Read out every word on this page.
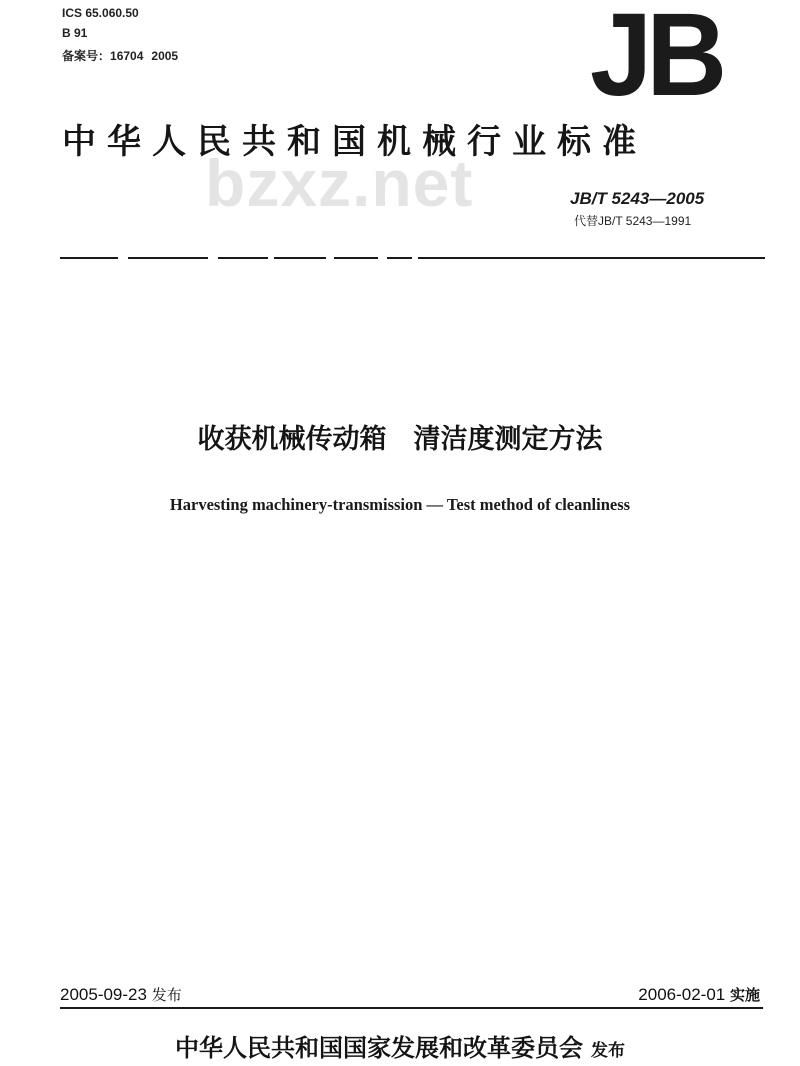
ICS 65.060.50
B 91
备案号：16704 2005	JB
中华人民共和国机械行业标准
bzxz.net	JB/T 5243—2005
代替JB/T 5243—1991
收获机械传动箱　清洁度测定方法
Harvesting machinery-transmission — Test method of cleanliness
2005-09-23 发布	2006-02-01 实施
中华人民共和国国家发展和改革委员会 发布
